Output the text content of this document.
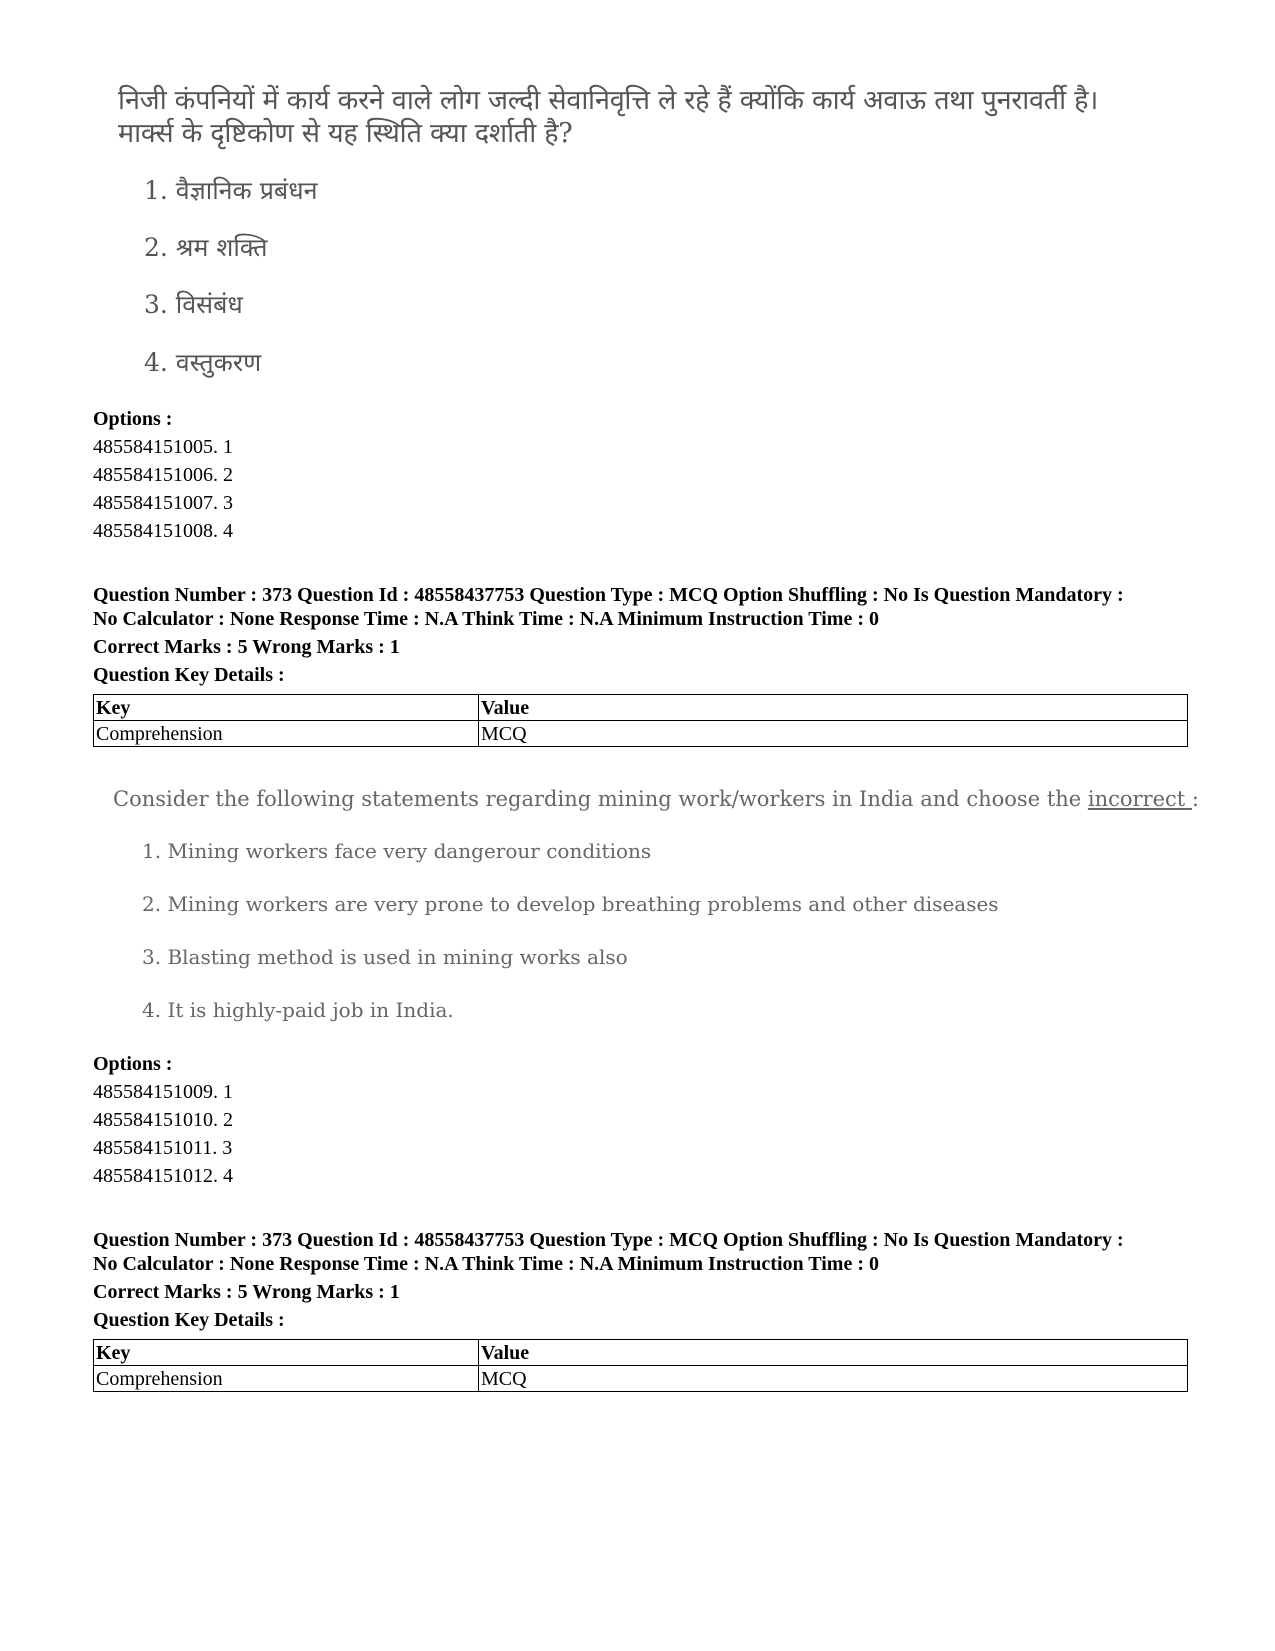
निजी कंपनियों में कार्य करने वाले लोग जल्दी सेवानिवृत्ति ले रहे हैं क्योंकि कार्य अवाऊ तथा पुनरावर्ती है। मार्क्स के दृष्टिकोण से यह स्थिति क्या दर्शाती है?
1. वैज्ञानिक प्रबंधन
2. श्रम शक्ति
3. विसंबंध
4. वस्तुकरण
Options :
485584151005. 1
485584151006. 2
485584151007. 3
485584151008. 4
Question Number : 373 Question Id : 48558437753 Question Type : MCQ Option Shuffling : No Is Question Mandatory :
No Calculator : None Response Time : N.A Think Time : N.A Minimum Instruction Time : 0
Correct Marks : 5 Wrong Marks : 1
Question Key Details :
Key	Value
Comprehension	MCQ
Consider the following statements regarding mining work/workers in India and choose the incorrect :
1. Mining workers face very dangerour conditions
2. Mining workers are very prone to develop breathing problems and other diseases
3. Blasting method is used in mining works also
4. It is highly-paid job in India.
Options :
485584151009. 1
485584151010. 2
485584151011. 3
485584151012. 4
Question Number : 373 Question Id : 48558437753 Question Type : MCQ Option Shuffling : No Is Question Mandatory :
No Calculator : None Response Time : N.A Think Time : N.A Minimum Instruction Time : 0
Correct Marks : 5 Wrong Marks : 1
Question Key Details :
Key	Value
Comprehension	MCQ
